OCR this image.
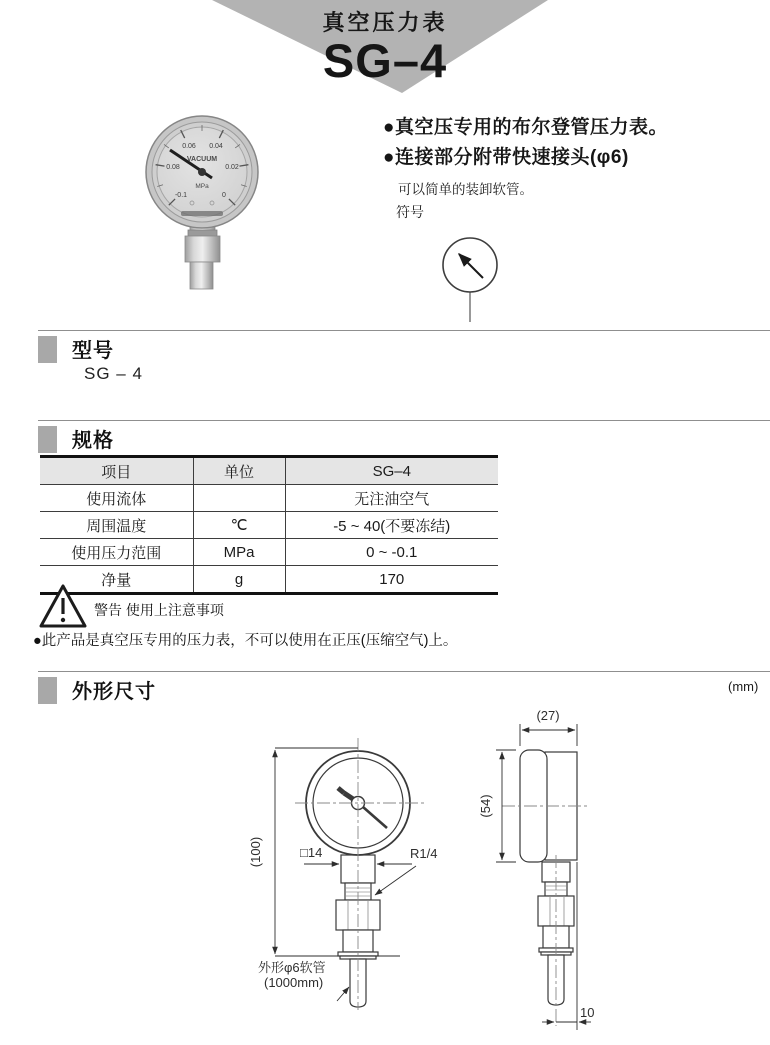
真空压力表
SG–4
0.06 0.04
0.08	0.02
-0.1	0
VACUUM
MPa
●真空压专用的布尔登管压力表。
●连接部分附带快速接头(φ6)
可以简单的装卸软管。
符号
型号
SG – 4
规格
项目	单位	SG–4
使用流体		无注油空气
周围温度	℃	-5 ~ 40(不要冻结)
使用压力范围	MPa	0 ~ -0.1
净量	g	170
警告 使用上注意事项
●此产品是真空压专用的压力表，不可以使用在正压(压缩空气)上。
外形尺寸	(mm)
(100)	□14	R1/4
外形φ6软管
(1000mm)
(27)
(54)
10
